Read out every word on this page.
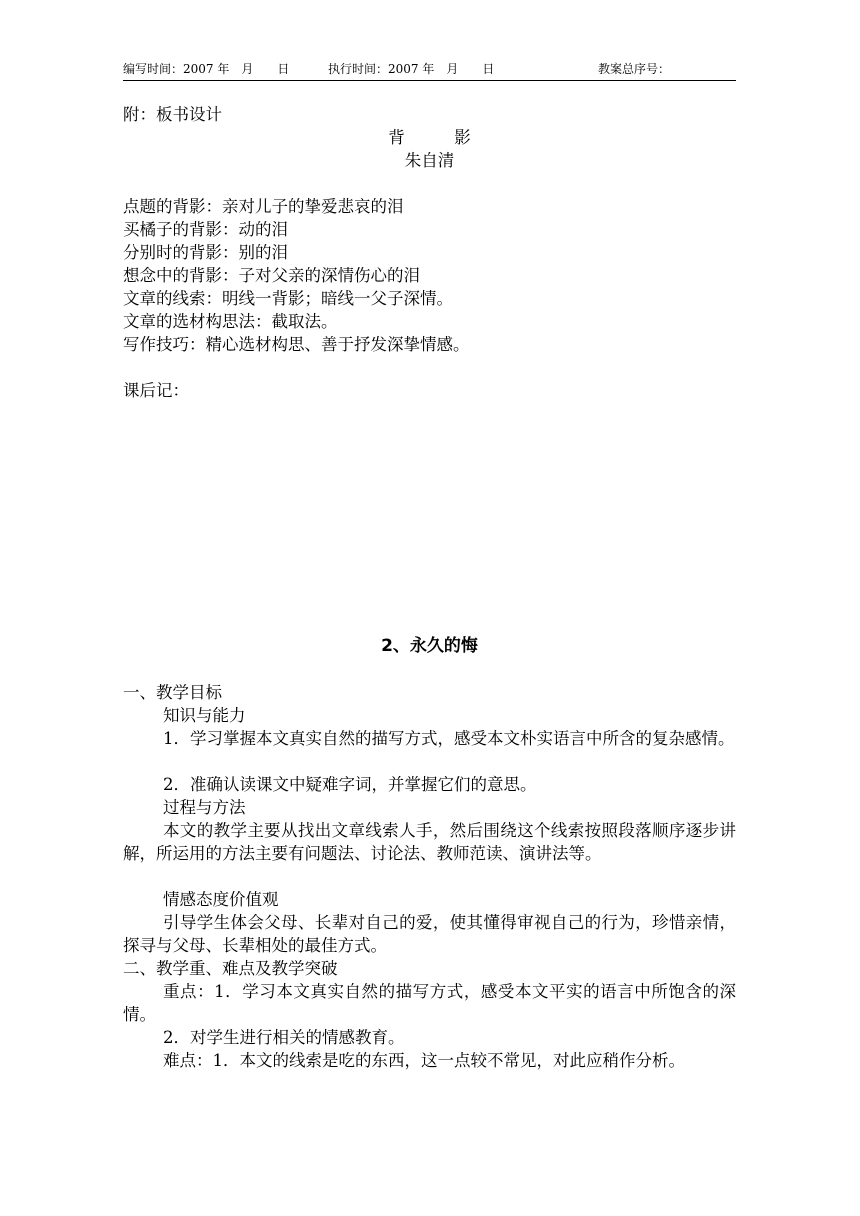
编写时间：2007 年　月　　日	执行时间：2007 年　月　　日	教案总序号：
附：板书设计
背　　　影
朱自清
点题的背影：亲对儿子的挚爱悲哀的泪
买橘子的背影：动的泪
分别时的背影：别的泪
想念中的背影：子对父亲的深情伤心的泪
文章的线索：明线一背影；暗线一父子深情。
文章的选材构思法：截取法。
写作技巧：精心选材构思、善于抒发深挚情感。
课后记：
2、永久的悔
一、教学目标
知识与能力
1．学习掌握本文真实自然的描写方式，感受本文朴实语言中所含的复杂感情。
2．准确认读课文中疑难字词，并掌握它们的意思。
过程与方法
本文的教学主要从找出文章线索人手，然后围绕这个线索按照段落顺序逐步讲解，所运用的方法主要有问题法、讨论法、教师范读、演讲法等。
情感态度价值观
引导学生体会父母、长辈对自己的爱，使其懂得审视自己的行为，珍惜亲情，探寻与父母、长辈相处的最佳方式。
二、教学重、难点及教学突破
重点：1．学习本文真实自然的描写方式，感受本文平实的语言中所饱含的深情。
2．对学生进行相关的情感教育。
难点：1．本文的线索是吃的东西，这一点较不常见，对此应稍作分析。
